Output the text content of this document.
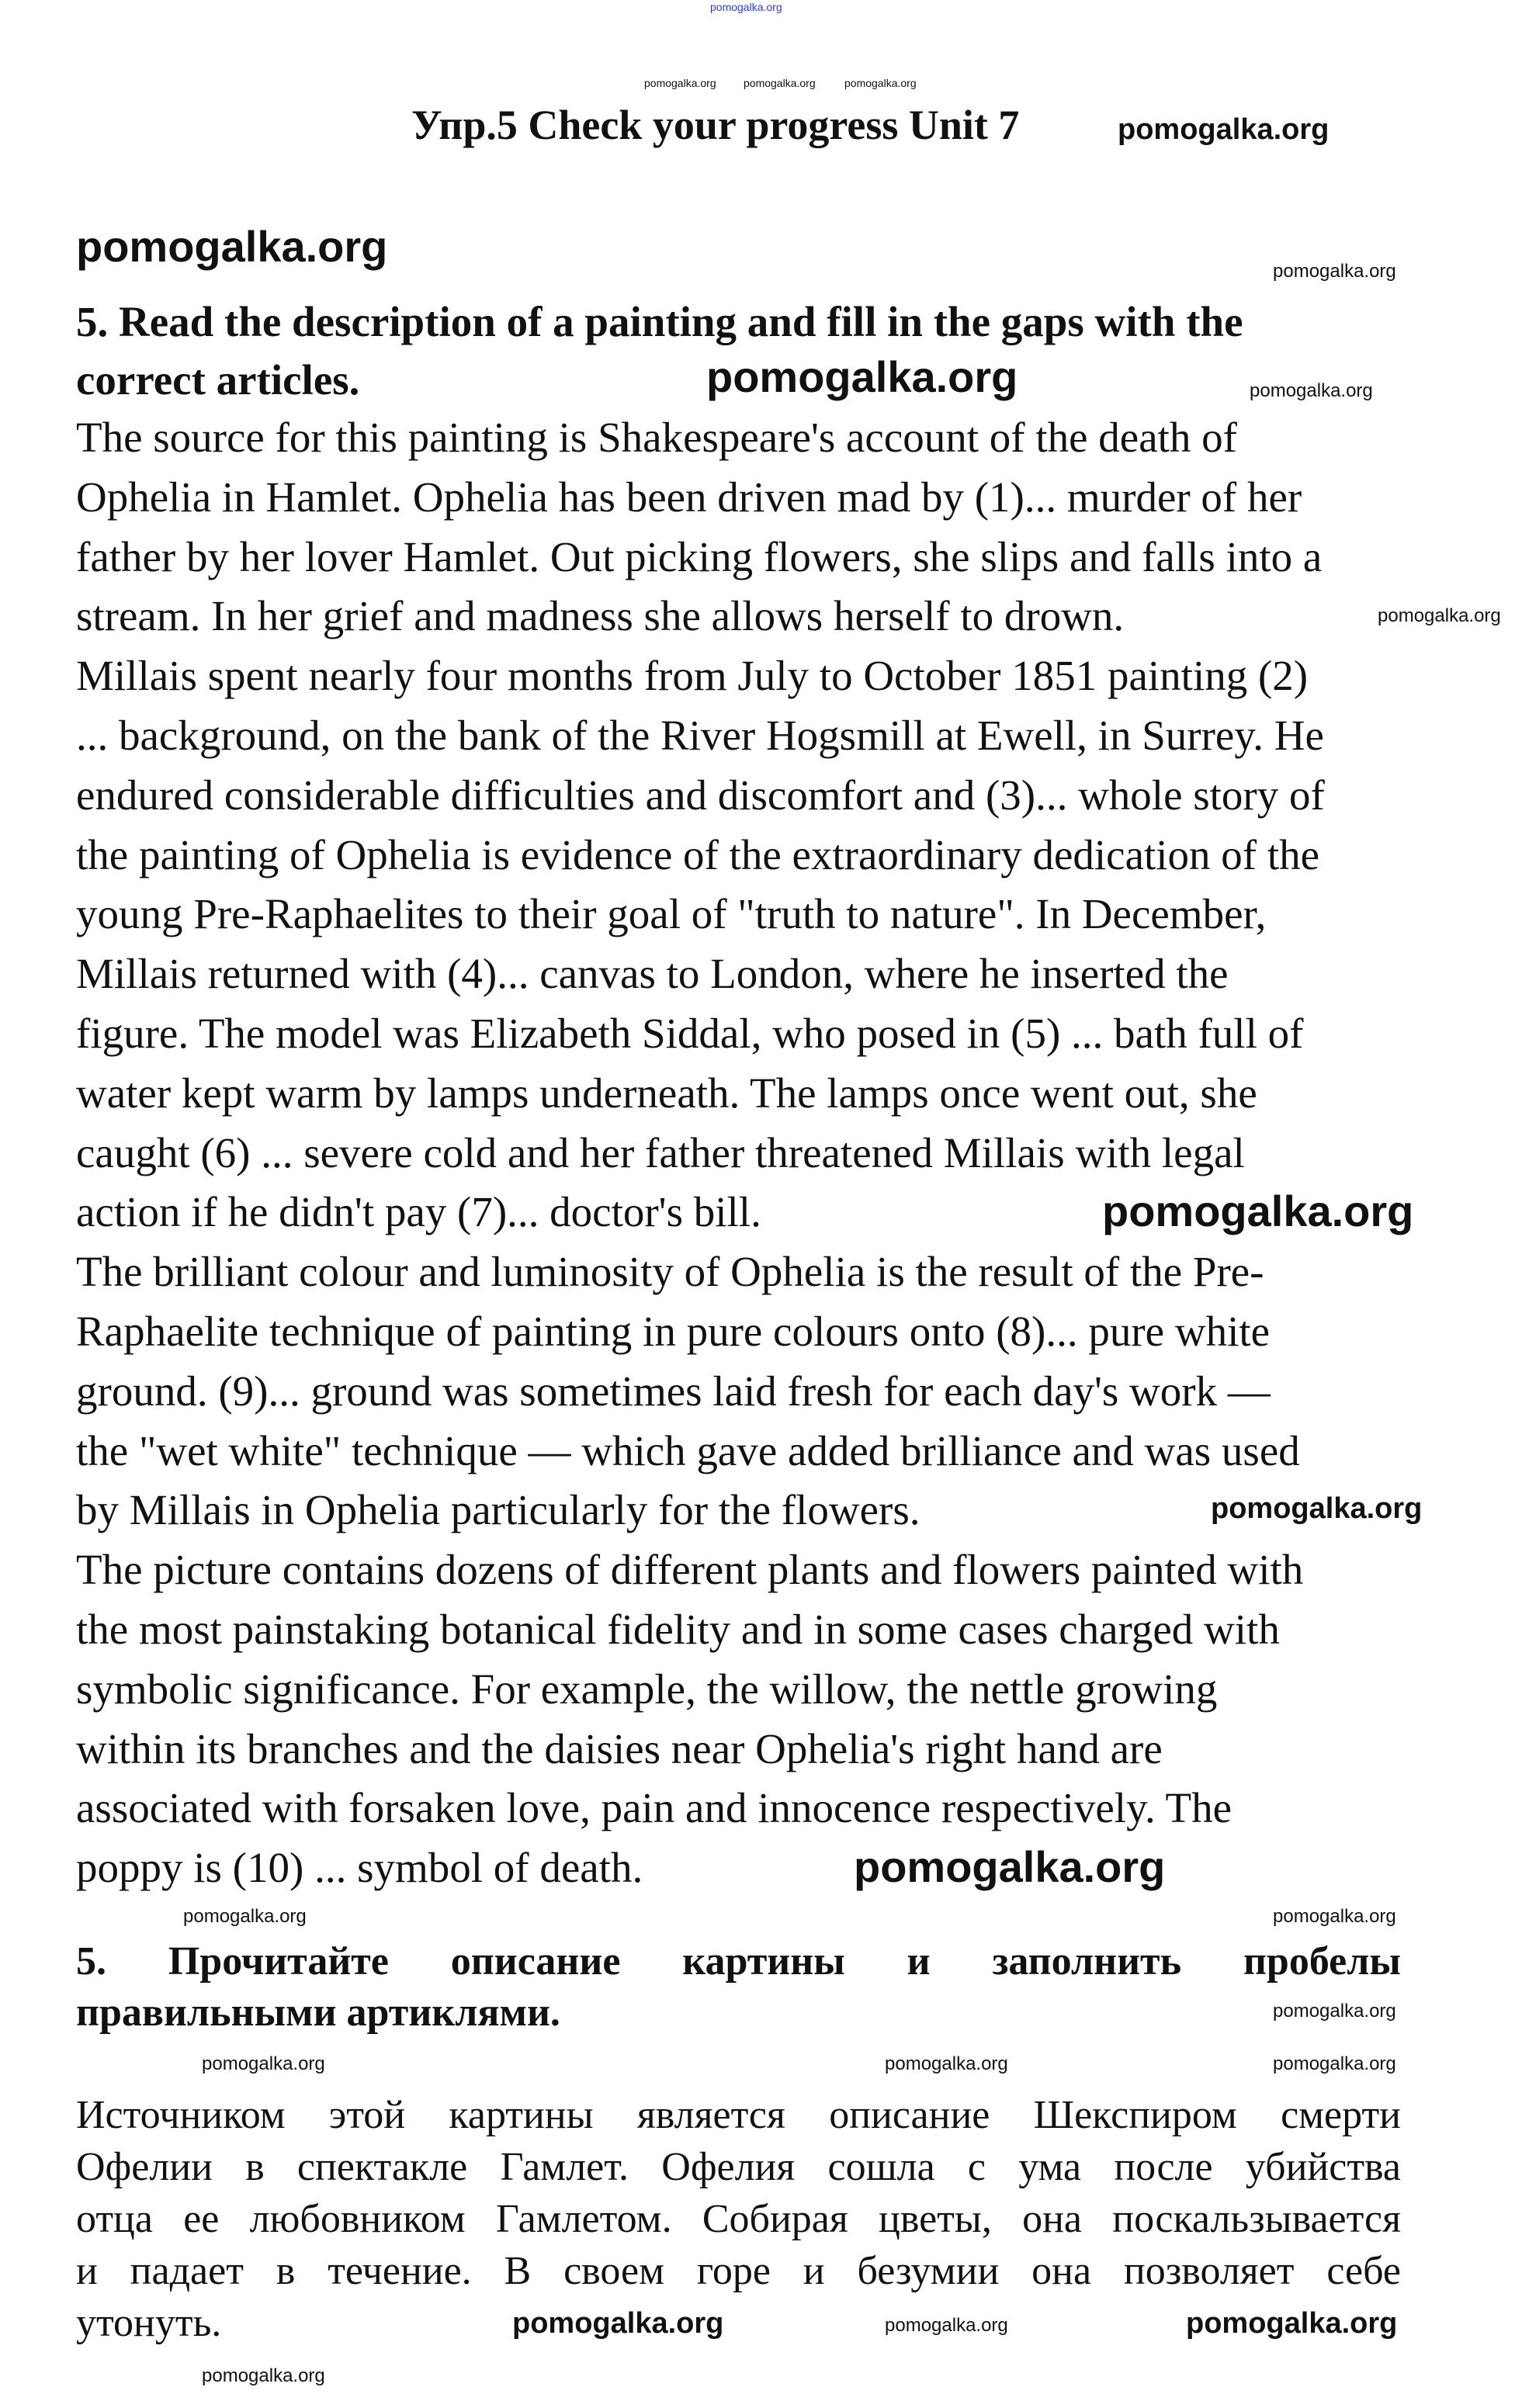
pomogalka.org
Упр.5 Check your progress Unit 7	pomogalka.org
pomogalka.org	pomogalka.org	pomogalka.org
5. Read the description of a painting and fill in the gaps with the
correct articles.
The source for this painting is Shakespeare's account of the death of
Ophelia in Hamlet. Ophelia has been driven mad by (1)... murder of her
father by her lover Hamlet. Out picking flowers, she slips and falls into a
stream. In her grief and madness she allows herself to drown.
Millais spent nearly four months from July to October 1851 painting (2)
... background, on the bank of the River Hogsmill at Ewell, in Surrey. He
endured considerable difficulties and discomfort and (3)... whole story of
the painting of Ophelia is evidence of the extraordinary dedication of the
young Pre-Raphaelites to their goal of "truth to nature". In December,
Millais returned with (4)... canvas to London, where he inserted the
figure. The model was Elizabeth Siddal, who posed in (5) ... bath full of
water kept warm by lamps underneath. The lamps once went out, she
caught (6) ... severe cold and her father threatened Millais with legal
action if he didn't pay (7)... doctor's bill.
The brilliant colour and luminosity of Ophelia is the result of the Pre-
Raphaelite technique of painting in pure colours onto (8)... pure white
ground. (9)... ground was sometimes laid fresh for each day's work —
the "wet white" technique — which gave added brilliance and was used
by Millais in Ophelia particularly for the flowers.
The picture contains dozens of different plants and flowers painted with
the most painstaking botanical fidelity and in some cases charged with
symbolic significance. For example, the willow, the nettle growing
within its branches and the daisies near Ophelia's right hand are
associated with forsaken love, pain and innocence respectively. The
poppy is (10) ... symbol of death.
5. Прочитайте описание картины и заполнить пробелы
правильными артиклями.
Источником этой картины является описание Шекспиром смерти
Офелии в спектакле Гамлет. Офелия сошла с ума после убийства
отца ее любовником Гамлетом. Собирая цветы, она поскальзывается
и падает в течение. В своем горе и безумии она позволяет себе
утонуть.
pomogalka.org
pomogalka.org
pomogalka.org	pomogalka.org
pomogalka.org
pomogalka.org
pomogalka.org
pomogalka.org
pomogalka.org	pomogalka.org
pomogalka.org
pomogalka.org	pomogalka.org	pomogalka.org
pomogalka.org	pomogalka.org	pomogalka.org
pomogalka.org
